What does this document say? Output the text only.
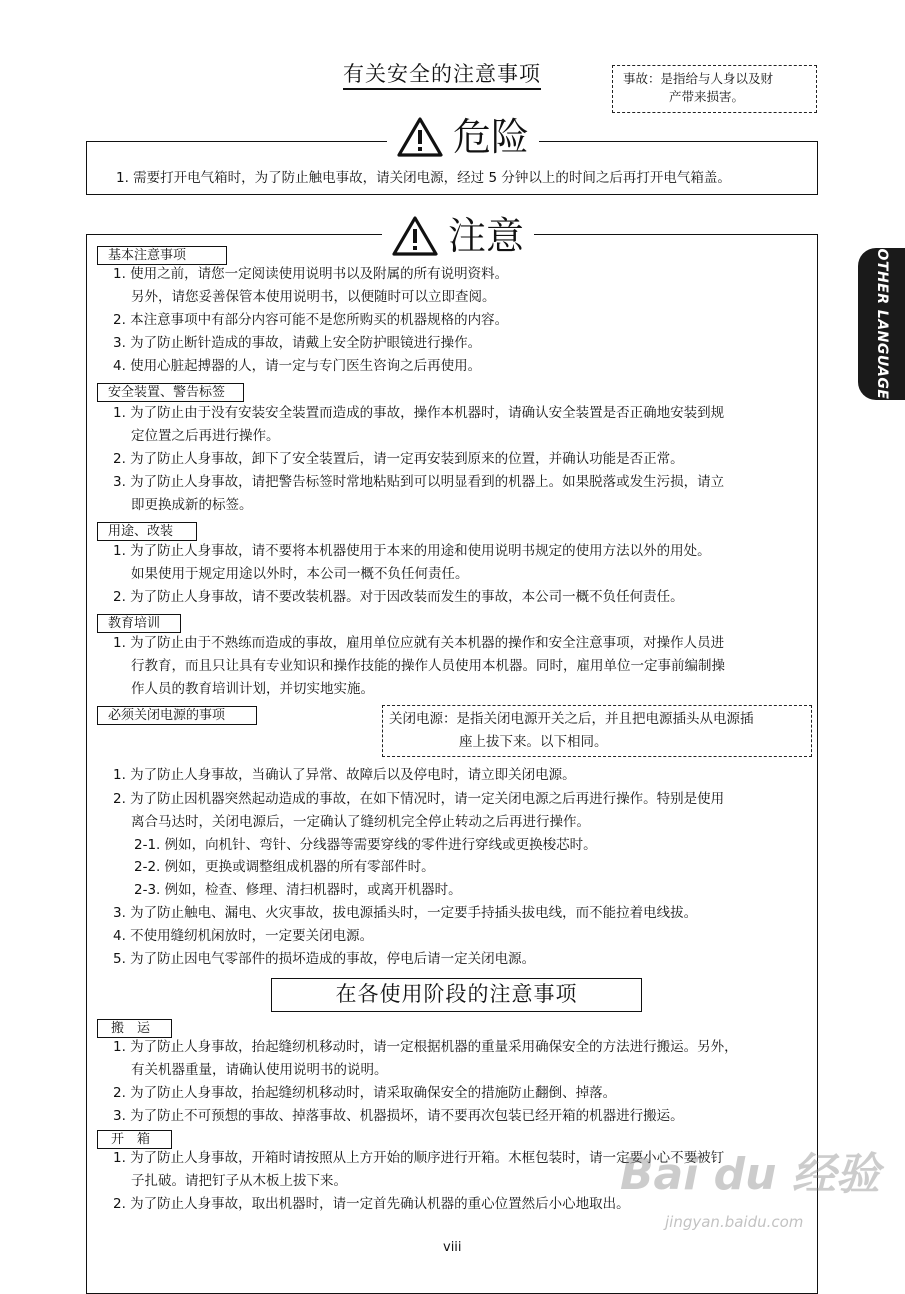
有关安全的注意事项	事故：是指给与人身以及财
产带来损害。
危险
1. 需要打开电气箱时，为了防止触电事故，请关闭电源，经过 5 分钟以上的时间之后再打开电气箱盖。
注意
基本注意事项
1. 使用之前，请您一定阅读使用说明书以及附属的所有说明资料。
另外，请您妥善保管本使用说明书，以便随时可以立即查阅。
2. 本注意事项中有部分内容可能不是您所购买的机器规格的内容。
3. 为了防止断针造成的事故，请戴上安全防护眼镜进行操作。
4. 使用心脏起搏器的人，请一定与专门医生咨询之后再使用。
安全装置、警告标签
1. 为了防止由于没有安装安全装置而造成的事故，操作本机器时，请确认安全装置是否正确地安装到规
定位置之后再进行操作。
2. 为了防止人身事故，卸下了安全装置后，请一定再安装到原来的位置，并确认功能是否正常。
3. 为了防止人身事故，请把警告标签时常地粘贴到可以明显看到的机器上。如果脱落或发生污损，请立
即更换成新的标签。
用途、改装
1. 为了防止人身事故，请不要将本机器使用于本来的用途和使用说明书规定的使用方法以外的用处。
如果使用于规定用途以外时，本公司一概不负任何责任。
2. 为了防止人身事故，请不要改装机器。对于因改装而发生的事故，本公司一概不负任何责任。
教育培训
1. 为了防止由于不熟练而造成的事故，雇用单位应就有关本机器的操作和安全注意事项，对操作人员进
行教育，而且只让具有专业知识和操作技能的操作人员使用本机器。同时，雇用单位一定事前编制操
作人员的教育培训计划，并切实地实施。
必须关闭电源的事项	关闭电源：是指关闭电源开关之后，并且把电源插头从电源插
座上拔下来。以下相同。
1. 为了防止人身事故，当确认了异常、故障后以及停电时，请立即关闭电源。
2. 为了防止因机器突然起动造成的事故，在如下情况时，请一定关闭电源之后再进行操作。特别是使用
离合马达时，关闭电源后，一定确认了缝纫机完全停止转动之后再进行操作。
2-1. 例如，向机针、弯针、分线器等需要穿线的零件进行穿线或更换梭芯时。
2-2. 例如，更换或调整组成机器的所有零部件时。
2-3. 例如，检查、修理、清扫机器时，或离开机器时。
3. 为了防止触电、漏电、火灾事故，拔电源插头时，一定要手持插头拔电线，而不能拉着电线拔。
4. 不使用缝纫机闲放时，一定要关闭电源。
5. 为了防止因电气零部件的损坏造成的事故，停电后请一定关闭电源。
在各使用阶段的注意事项
搬　运
1. 为了防止人身事故，抬起缝纫机移动时，请一定根据机器的重量采用确保安全的方法进行搬运。另外，
有关机器重量，请确认使用说明书的说明。
2. 为了防止人身事故，抬起缝纫机移动时，请采取确保安全的措施防止翻倒、掉落。
3. 为了防止不可预想的事故、掉落事故、机器损坏，请不要再次包装已经开箱的机器进行搬运。
开　箱
1. 为了防止人身事故，开箱时请按照从上方开始的顺序进行开箱。木框包装时，请一定要小心不要被钉
子扎破。请把钉子从木板上拔下来。
2. 为了防止人身事故，取出机器时，请一定首先确认机器的重心位置然后小心地取出。
OTHER LANGUAGE
viii
Bai du 经验
jingyan.baidu.com
